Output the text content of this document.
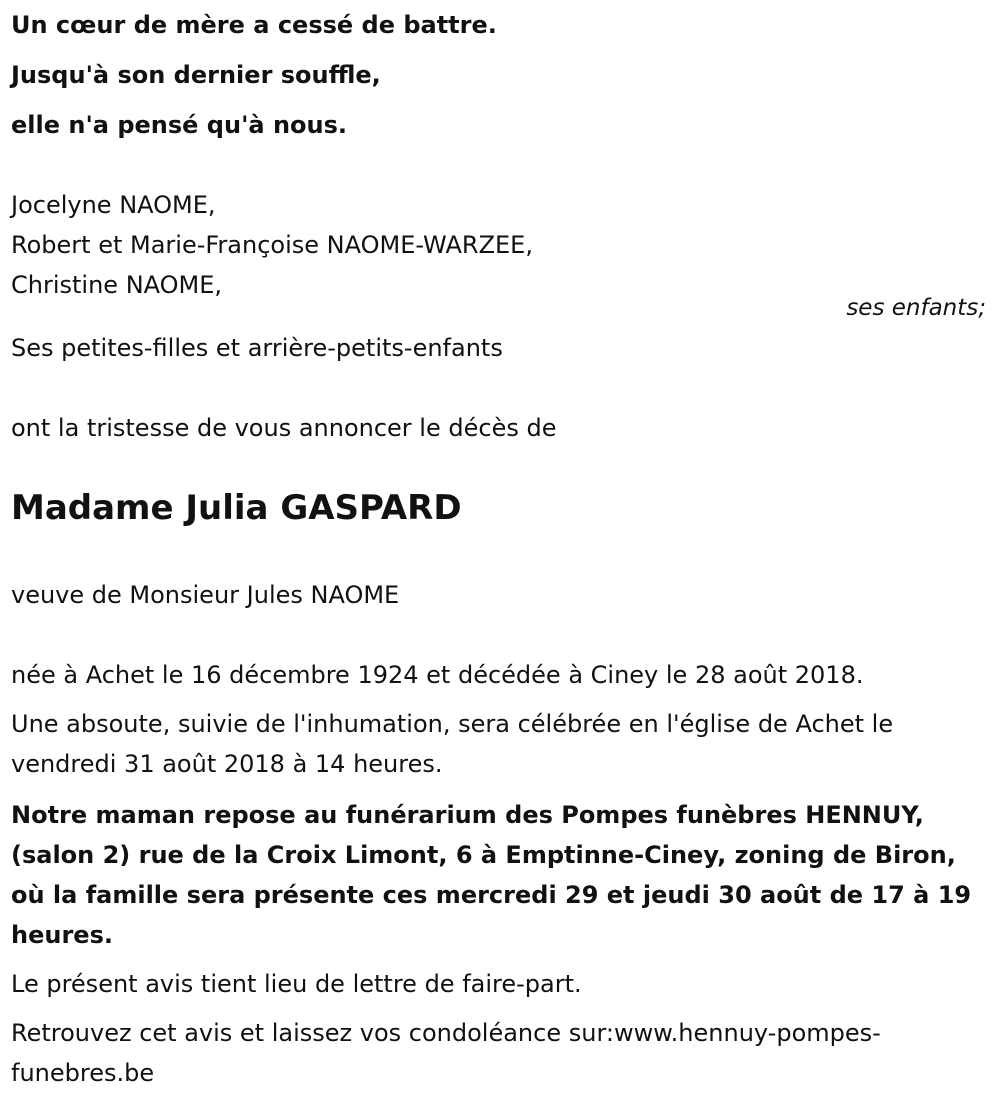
Un cœur de mère a cessé de battre.
Jusqu'à son dernier souffle,
elle n'a pensé qu'à nous.
Jocelyne NAOME,
Robert et Marie-Françoise NAOME-WARZEE,
Christine NAOME,
ses enfants;
Ses petites-filles et arrière-petits-enfants
ont la tristesse de vous annoncer le décès de
Madame Julia GASPARD
veuve de Monsieur Jules NAOME
née à Achet le 16 décembre 1924 et décédée à Ciney le 28 août 2018.
Une absoute, suivie de l'inhumation, sera célébrée en l'église de Achet le vendredi 31 août 2018 à 14 heures.
Notre maman repose au funérarium des Pompes funèbres HENNUY, (salon 2) rue de la Croix Limont, 6 à Emptinne-Ciney, zoning de Biron, où la famille sera présente ces mercredi 29 et jeudi 30 août de 17 à 19 heures.
Le présent avis tient lieu de lettre de faire-part.
Retrouvez cet avis et laissez vos condoléance sur:www.hennuy-pompes-funebres.be
